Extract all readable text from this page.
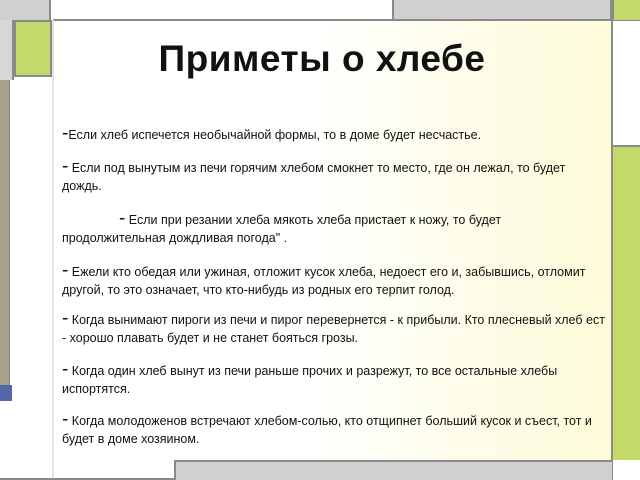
Приметы о хлебе
-Если хлеб испечется необычайной формы, то в доме будет несчастье.
- Если под вынутым из печи горячим хлебом смокнет то место, где он лежал, то будет дождь.
- Если при резании хлеба мякоть хлеба пристает к ножу, то будет продолжительная дождливая погода" .
- Ежели кто обедая или ужиная, отложит кусок хлеба, недоест его и, забывшись, отломит другой, то это означает, что кто-нибудь из родных его терпит голод.
- Когда вынимают пироги из печи и пирог перевернется - к прибыли. Кто плесневый хлеб ест - хорошо плавать будет и не станет бояться грозы.
- Когда один хлеб вынут из печи раньше прочих и разрежут, то все остальные хлебы испортятся.
- Когда молодоженов встречают хлебом-солью, кто отщипнет больший кусок и съест, тот и будет в доме хозяином.
